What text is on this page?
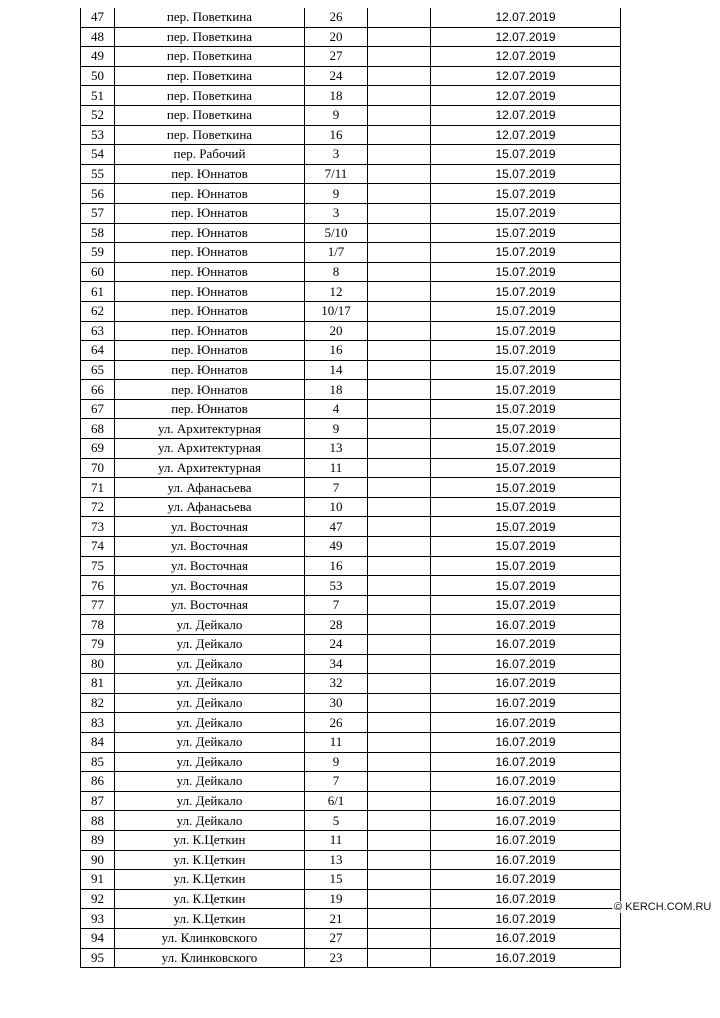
47	пер. Поветкина	26		12.07.2019
48	пер. Поветкина	20		12.07.2019
49	пер. Поветкина	27		12.07.2019
50	пер. Поветкина	24		12.07.2019
51	пер. Поветкина	18		12.07.2019
52	пер. Поветкина	9		12.07.2019
53	пер. Поветкина	16		12.07.2019
54	пер. Рабочий	3		15.07.2019
55	пер. Юннатов	7/11		15.07.2019
56	пер. Юннатов	9		15.07.2019
57	пер. Юннатов	3		15.07.2019
58	пер. Юннатов	5/10		15.07.2019
59	пер. Юннатов	1/7		15.07.2019
60	пер. Юннатов	8		15.07.2019
61	пер. Юннатов	12		15.07.2019
62	пер. Юннатов	10/17		15.07.2019
63	пер. Юннатов	20		15.07.2019
64	пер. Юннатов	16		15.07.2019
65	пер. Юннатов	14		15.07.2019
66	пер. Юннатов	18		15.07.2019
67	пер. Юннатов	4		15.07.2019
68	ул. Архитектурная	9		15.07.2019
69	ул. Архитектурная	13		15.07.2019
70	ул. Архитектурная	11		15.07.2019
71	ул. Афанасьева	7		15.07.2019
72	ул. Афанасьева	10		15.07.2019
73	ул. Восточная	47		15.07.2019
74	ул. Восточная	49		15.07.2019
75	ул. Восточная	16		15.07.2019
76	ул. Восточная	53		15.07.2019
77	ул. Восточная	7		15.07.2019
78	ул. Дейкало	28		16.07.2019
79	ул. Дейкало	24		16.07.2019
80	ул. Дейкало	34		16.07.2019
81	ул. Дейкало	32		16.07.2019
82	ул. Дейкало	30		16.07.2019
83	ул. Дейкало	26		16.07.2019
84	ул. Дейкало	11		16.07.2019
85	ул. Дейкало	9		16.07.2019
86	ул. Дейкало	7		16.07.2019
87	ул. Дейкало	6/1		16.07.2019
88	ул. Дейкало	5		16.07.2019
89	ул. К.Цеткин	11		16.07.2019
90	ул. К.Цеткин	13		16.07.2019
91	ул. К.Цеткин	15		16.07.2019
92	ул. К.Цеткин	19		16.07.2019
93	ул. К.Цеткин	21		16.07.2019
94	ул. Клинковского	27		16.07.2019
95	ул. Клинковского	23		16.07.2019
© KERCH.COM.RU
